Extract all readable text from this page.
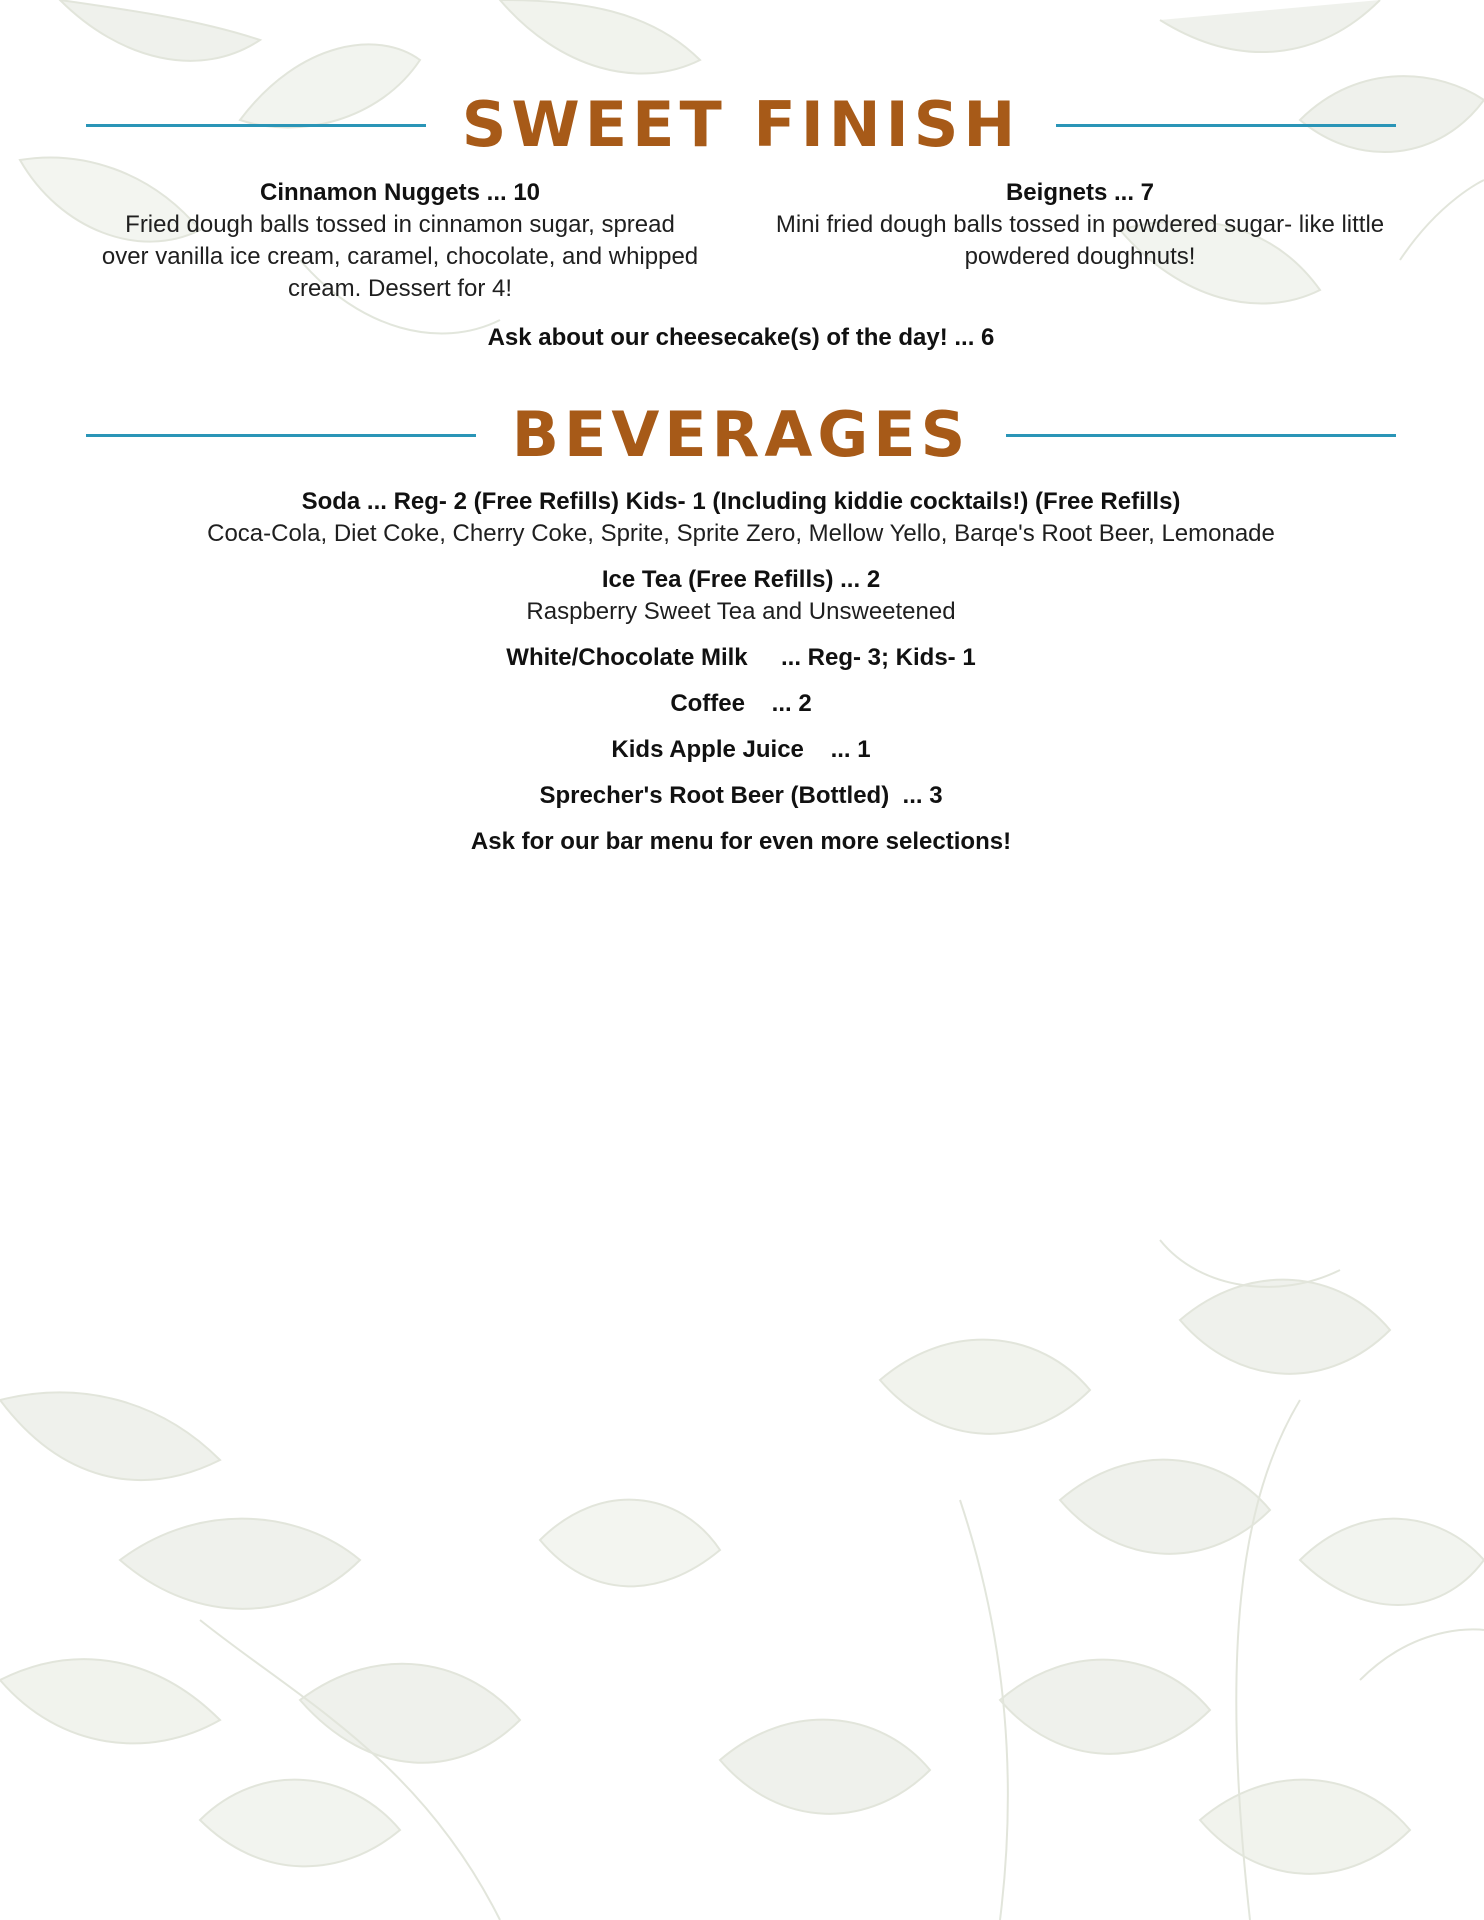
SWEET FINISH
Cinnamon Nuggets ... 10
Fried dough balls tossed in cinnamon sugar, spread over vanilla ice cream, caramel, chocolate, and whipped cream. Dessert for 4!
Beignets ... 7
Mini fried dough balls tossed in powdered sugar- like little powdered doughnuts!
Ask about our cheesecake(s) of the day! ... 6
BEVERAGES
Soda ... Reg- 2 (Free Refills) Kids- 1 (Including kiddie cocktails!) (Free Refills)
Coca-Cola, Diet Coke, Cherry Coke, Sprite, Sprite Zero, Mellow Yello, Barqe's Root Beer, Lemonade
Ice Tea (Free Refills) ... 2
Raspberry Sweet Tea and Unsweetened
White/Chocolate Milk     ... Reg- 3; Kids- 1
Coffee    ... 2
Kids Apple Juice    ... 1
Sprecher's Root Beer (Bottled)  ... 3
Ask for our bar menu for even more selections!
